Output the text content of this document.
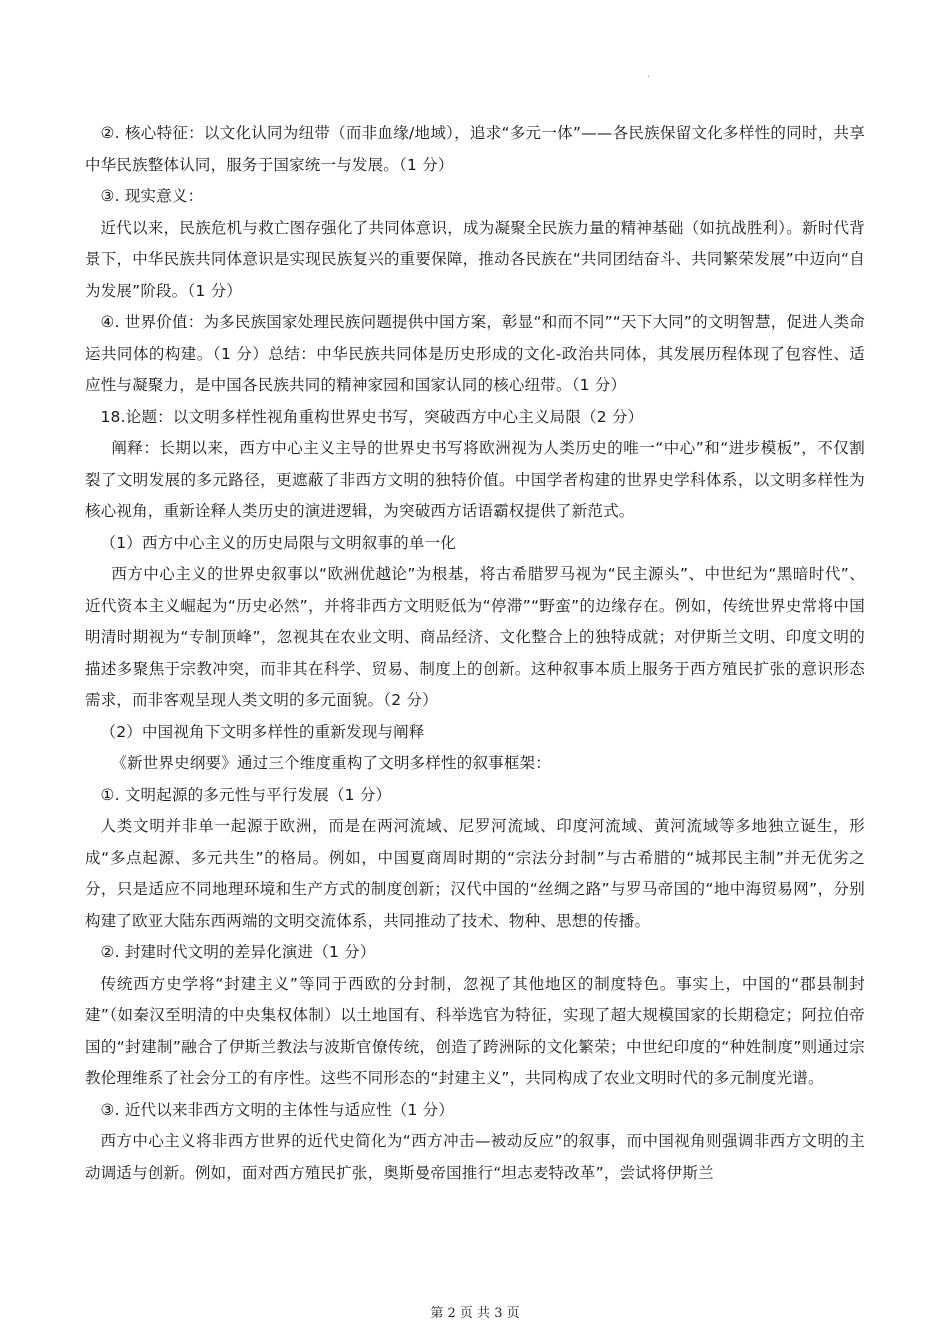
·

②. 核心特征：以文化认同为纽带（而非血缘/地域），追求“多元一体”——各民族保留文化多样性的同时，共享中华民族整体认同，服务于国家统一与发展。（1 分）

③. 现实意义：

近代以来，民族危机与救亡图存强化了共同体意识，成为凝聚全民族力量的精神基础（如抗战胜利）。新时代背景下，中华民族共同体意识是实现民族复兴的重要保障，推动各民族在“共同团结奋斗、共同繁荣发展”中迈向“自为发展”阶段。（1 分）

④. 世界价值：为多民族国家处理民族问题提供中国方案，彰显“和而不同”“天下大同”的文明智慧，促进人类命运共同体的构建。（1 分）总结：中华民族共同体是历史形成的文化-政治共同体，其发展历程体现了包容性、适应性与凝聚力，是中国各民族共同的精神家园和国家认同的核心纽带。（1 分）

18.论题：以文明多样性视角重构世界史书写，突破西方中心主义局限（2 分）

阐释：长期以来，西方中心主义主导的世界史书写将欧洲视为人类历史的唯一“中心”和“进步模板”，不仅割裂了文明发展的多元路径，更遮蔽了非西方文明的独特价值。中国学者构建的世界史学科体系，以文明多样性为核心视角，重新诠释人类历史的演进逻辑，为突破西方话语霸权提供了新范式。

（1）西方中心主义的历史局限与文明叙事的单一化

西方中心主义的世界史叙事以“欧洲优越论”为根基，将古希腊罗马视为“民主源头”、中世纪为“黑暗时代”、近代资本主义崛起为“历史必然”，并将非西方文明贬低为“停滞”“野蛮”的边缘存在。例如，传统世界史常将中国明清时期视为“专制顶峰”，忽视其在农业文明、商品经济、文化整合上的独特成就；对伊斯兰文明、印度文明的描述多聚焦于宗教冲突，而非其在科学、贸易、制度上的创新。这种叙事本质上服务于西方殖民扩张的意识形态需求，而非客观呈现人类文明的多元面貌。（2 分）

（2）中国视角下文明多样性的重新发现与阐释

《新世界史纲要》通过三个维度重构了文明多样性的叙事框架：

①. 文明起源的多元性与平行发展（1 分）

人类文明并非单一起源于欧洲，而是在两河流域、尼罗河流域、印度河流域、黄河流域等多地独立诞生，形成“多点起源、多元共生”的格局。例如，中国夏商周时期的“宗法分封制”与古希腊的“城邦民主制”并无优劣之分，只是适应不同地理环境和生产方式的制度创新；汉代中国的“丝绸之路”与罗马帝国的“地中海贸易网”，分别构建了欧亚大陆东西两端的文明交流体系，共同推动了技术、物种、思想的传播。

②. 封建时代文明的差异化演进（1 分）

传统西方史学将“封建主义”等同于西欧的分封制，忽视了其他地区的制度特色。事实上，中国的“郡县制封建”（如秦汉至明清的中央集权体制）以土地国有、科举选官为特征，实现了超大规模国家的长期稳定；阿拉伯帝国的“封建制”融合了伊斯兰教法与波斯官僚传统，创造了跨洲际的文化繁荣；中世纪印度的“种姓制度”则通过宗教伦理维系了社会分工的有序性。这些不同形态的“封建主义”，共同构成了农业文明时代的多元制度光谱。

③. 近代以来非西方文明的主体性与适应性（1 分）

西方中心主义将非西方世界的近代史简化为“西方冲击—被动反应”的叙事，而中国视角则强调非西方文明的主动调适与创新。例如，面对西方殖民扩张，奥斯曼帝国推行“坦志麦特改革”，尝试将伊斯兰

第 2 页 共 3 页
